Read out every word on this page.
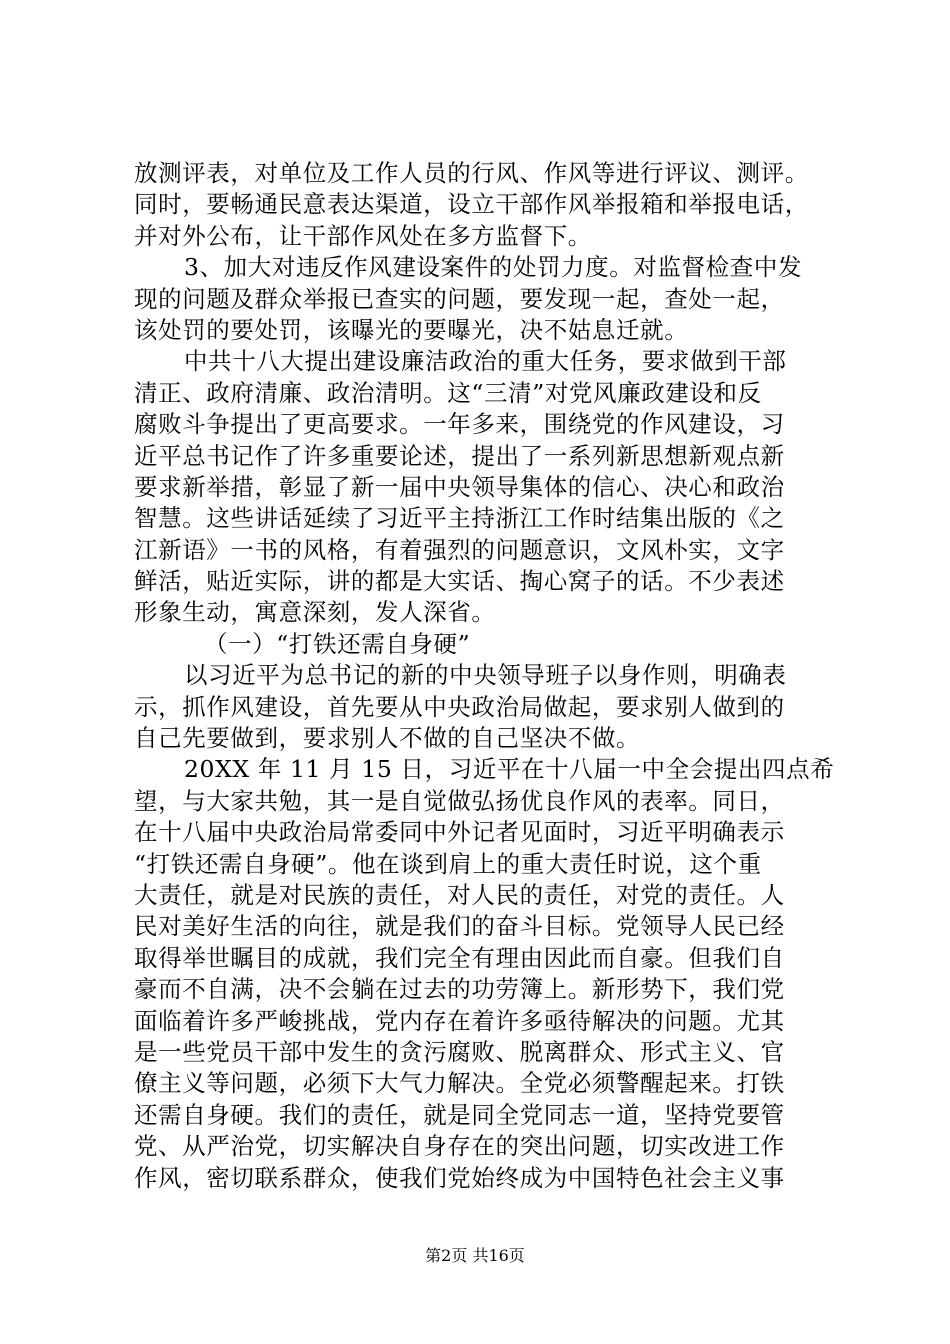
放测评表，对单位及工作人员的行风、作风等进行评议、测评。
同时，要畅通民意表达渠道，设立干部作风举报箱和举报电话，
并对外公布，让干部作风处在多方监督下。
3、加大对违反作风建设案件的处罚力度。对监督检查中发
现的问题及群众举报已查实的问题，要发现一起，查处一起，
该处罚的要处罚，该曝光的要曝光，决不姑息迁就。
中共十八大提出建设廉洁政治的重大任务，要求做到干部
清正、政府清廉、政治清明。这“三清”对党风廉政建设和反
腐败斗争提出了更高要求。一年多来，围绕党的作风建设，习
近平总书记作了许多重要论述，提出了一系列新思想新观点新
要求新举措，彰显了新一届中央领导集体的信心、决心和政治
智慧。这些讲话延续了习近平主持浙江工作时结集出版的《之
江新语》一书的风格，有着强烈的问题意识，文风朴实，文字
鲜活，贴近实际，讲的都是大实话、掏心窝子的话。不少表述
形象生动，寓意深刻，发人深省。
（一）“打铁还需自身硬”
以习近平为总书记的新的中央领导班子以身作则，明确表
示，抓作风建设，首先要从中央政治局做起，要求别人做到的
自己先要做到，要求别人不做的自己坚决不做。
20XX 年 11 月 15 日，习近平在十八届一中全会提出四点希
望，与大家共勉，其一是自觉做弘扬优良作风的表率。同日，
在十八届中央政治局常委同中外记者见面时，习近平明确表示
“打铁还需自身硬”。他在谈到肩上的重大责任时说，这个重
大责任，就是对民族的责任，对人民的责任，对党的责任。人
民对美好生活的向往，就是我们的奋斗目标。党领导人民已经
取得举世瞩目的成就，我们完全有理由因此而自豪。但我们自
豪而不自满，决不会躺在过去的功劳簿上。新形势下，我们党
面临着许多严峻挑战，党内存在着许多亟待解决的问题。尤其
是一些党员干部中发生的贪污腐败、脱离群众、形式主义、官
僚主义等问题，必须下大气力解决。全党必须警醒起来。打铁
还需自身硬。我们的责任，就是同全党同志一道，坚持党要管
党、从严治党，切实解决自身存在的突出问题，切实改进工作
作风，密切联系群众，使我们党始终成为中国特色社会主义事
第2页 共16页
